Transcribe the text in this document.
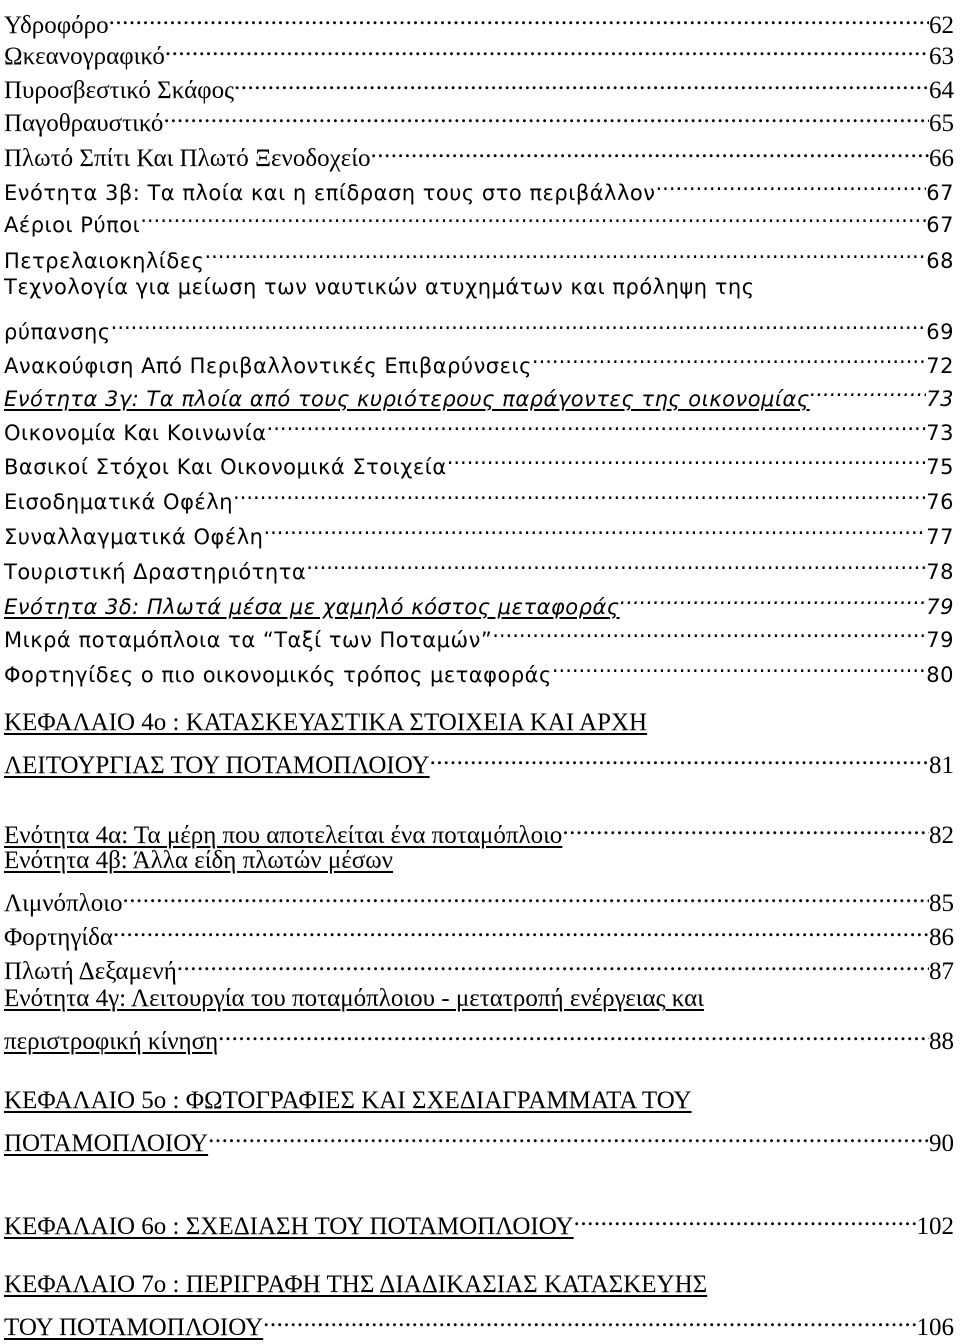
Υδροφόρο .....	62
Ωκεανογραφικό .....	63
Πυροσβεστικό Σκάφος .....	64
Παγοθραυστικό .....	65
Πλωτό Σπίτι Και Πλωτό Ξενοδοχείο .....	66
Ενότητα 3β: Τα πλοία και η επίδραση τους στο περιβάλλον .....	67
Αέριοι Ρύποι .....	67
Πετρελαιοκηλίδες .....	68
Τεχνολογία για μείωση των ναυτικών ατυχημάτων και πρόληψη της
ρύπανσης .....	69
Ανακούφιση Από Περιβαλλοντικές Επιβαρύνσεις .....	72
Ενότητα 3γ: Τα πλοία από τους κυριότερους παράγοντες της οικονομίας .....	73
Οικονομία Και Κοινωνία .....	73
Βασικοί Στόχοι Και Οικονομικά Στοιχεία .....	75
Εισοδηματικά Οφέλη .....	76
Συναλλαγματικά Οφέλη .....	77
Τουριστική Δραστηριότητα .....	78
Ενότητα 3δ: Πλωτά μέσα με χαμηλό κόστος μεταφοράς .....	79
Μικρά ποταμόπλοια τα “Ταξί των Ποταμών” .....	79
Φορτηγίδες ο πιο οικονομικός τρόπος μεταφοράς .....	80
ΚΕΦΑΛΑΙΟ 4ο : ΚΑΤΑΣΚΕΥΑΣΤΙΚΑ ΣΤΟΙΧΕΙΑ ΚΑΙ ΑΡΧΗ
ΛΕΙΤΟΥΡΓΙΑΣ ΤΟΥ ΠΟΤΑΜΟΠΛΟΙΟΥ .....	81
Ενότητα 4α: Τα μέρη που αποτελείται ένα ποταμόπλοιο .....	82
Ενότητα 4β: Άλλα είδη πλωτών μέσων
Λιμνόπλοιο .....	85
Φορτηγίδα .....	86
Πλωτή Δεξαμενή .....	87
Ενότητα 4γ: Λειτουργία του ποταμόπλοιου - μετατροπή ενέργειας και
περιστροφική κίνηση .....	88
ΚΕΦΑΛΑΙΟ 5ο : ΦΩΤΟΓΡΑΦΙΕΣ ΚΑΙ ΣΧΕΔΙΑΓΡΑΜΜΑΤΑ ΤΟΥ
ΠΟΤΑΜΟΠΛΟΙΟΥ .....	90
ΚΕΦΑΛΑΙΟ 6ο : ΣΧΕΔΙΑΣΗ ΤΟΥ ΠΟΤΑΜΟΠΛΟΙΟΥ .....	102
ΚΕΦΑΛΑΙΟ 7ο : ΠΕΡΙΓΡΑΦΗ ΤΗΣ ΔΙΑΔΙΚΑΣΙΑΣ ΚΑΤΑΣΚΕΥΗΣ
ΤΟΥ ΠΟΤΑΜΟΠΛΟΙΟΥ .....	106
